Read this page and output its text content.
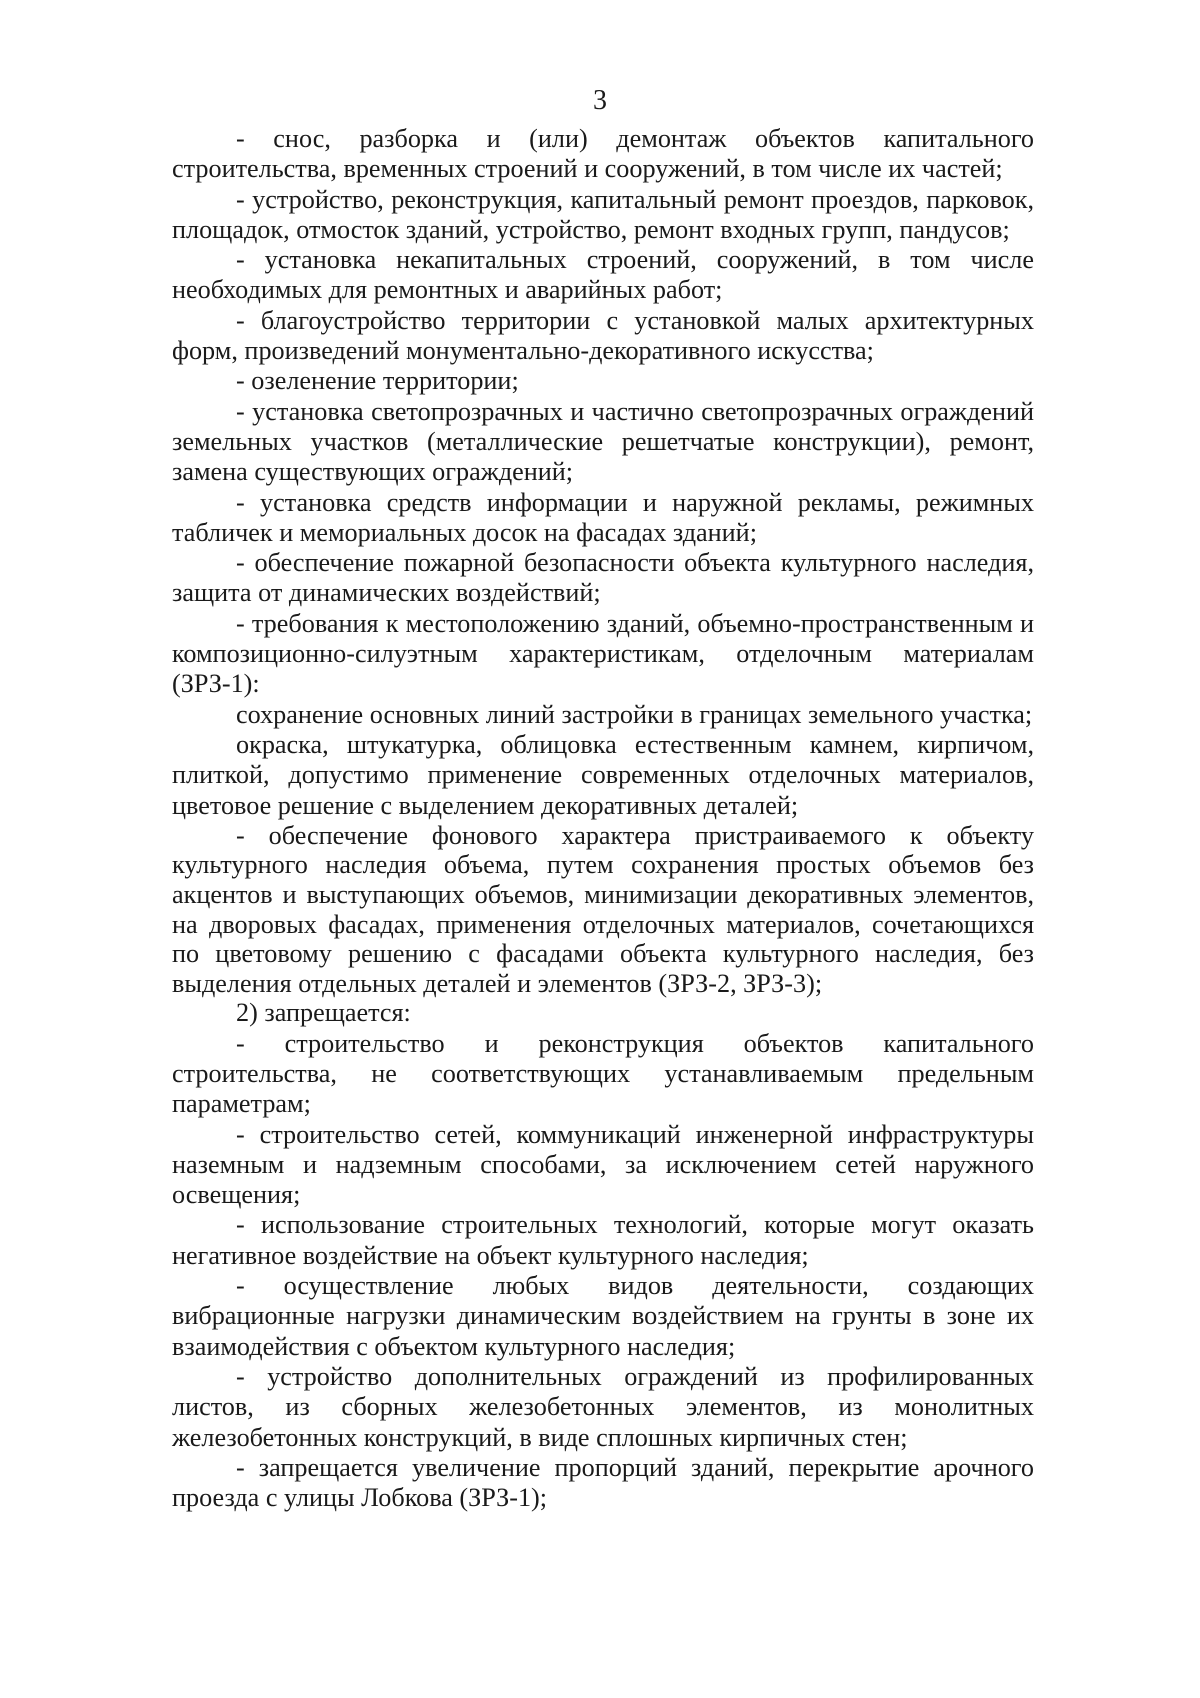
3

- снос, разборка и (или) демонтаж объектов капитального строительства, временных строений и сооружений, в том числе их частей;

- устройство, реконструкция, капитальный ремонт проездов, парковок, площадок, отмосток зданий, устройство, ремонт входных групп, пандусов;

- установка некапитальных строений, сооружений, в том числе необходимых для ремонтных и аварийных работ;

- благоустройство территории с установкой малых архитектурных форм, произведений монументально-декоративного искусства;

- озеленение территории;

- установка светопрозрачных и частично светопрозрачных ограждений земельных участков (металлические решетчатые конструкции), ремонт, замена существующих ограждений;

- установка средств информации и наружной рекламы, режимных табличек и мемориальных досок на фасадах зданий;

- обеспечение пожарной безопасности объекта культурного наследия, защита от динамических воздействий;

- требования к местоположению зданий, объемно-пространственным и композиционно-силуэтным характеристикам, отделочным материалам (ЗРЗ-1):

сохранение основных линий застройки в границах земельного участка;

окраска, штукатурка, облицовка естественным камнем, кирпичом, плиткой, допустимо применение современных отделочных материалов, цветовое решение с выделением декоративных деталей;

- обеспечение фонового характера пристраиваемого к объекту культурного наследия объема, путем сохранения простых объемов без акцентов и выступающих объемов, минимизации декоративных элементов, на дворовых фасадах, применения отделочных материалов, сочетающихся по цветовому решению с фасадами объекта культурного наследия, без выделения отдельных деталей и элементов (ЗРЗ-2, ЗРЗ-3);

2) запрещается:

- строительство и реконструкция объектов капитального строительства, не соответствующих устанавливаемым предельным параметрам;

- строительство сетей, коммуникаций инженерной инфраструктуры наземным и надземным способами, за исключением сетей наружного освещения;

- использование строительных технологий, которые могут оказать негативное воздействие на объект культурного наследия;

- осуществление любых видов деятельности, создающих вибрационные нагрузки динамическим воздействием на грунты в зоне их взаимодействия с объектом культурного наследия;

- устройство дополнительных ограждений из профилированных листов, из сборных железобетонных элементов, из монолитных железобетонных конструкций, в виде сплошных кирпичных стен;

- запрещается увеличение пропорций зданий, перекрытие арочного проезда с улицы Лобкова (ЗРЗ-1);
